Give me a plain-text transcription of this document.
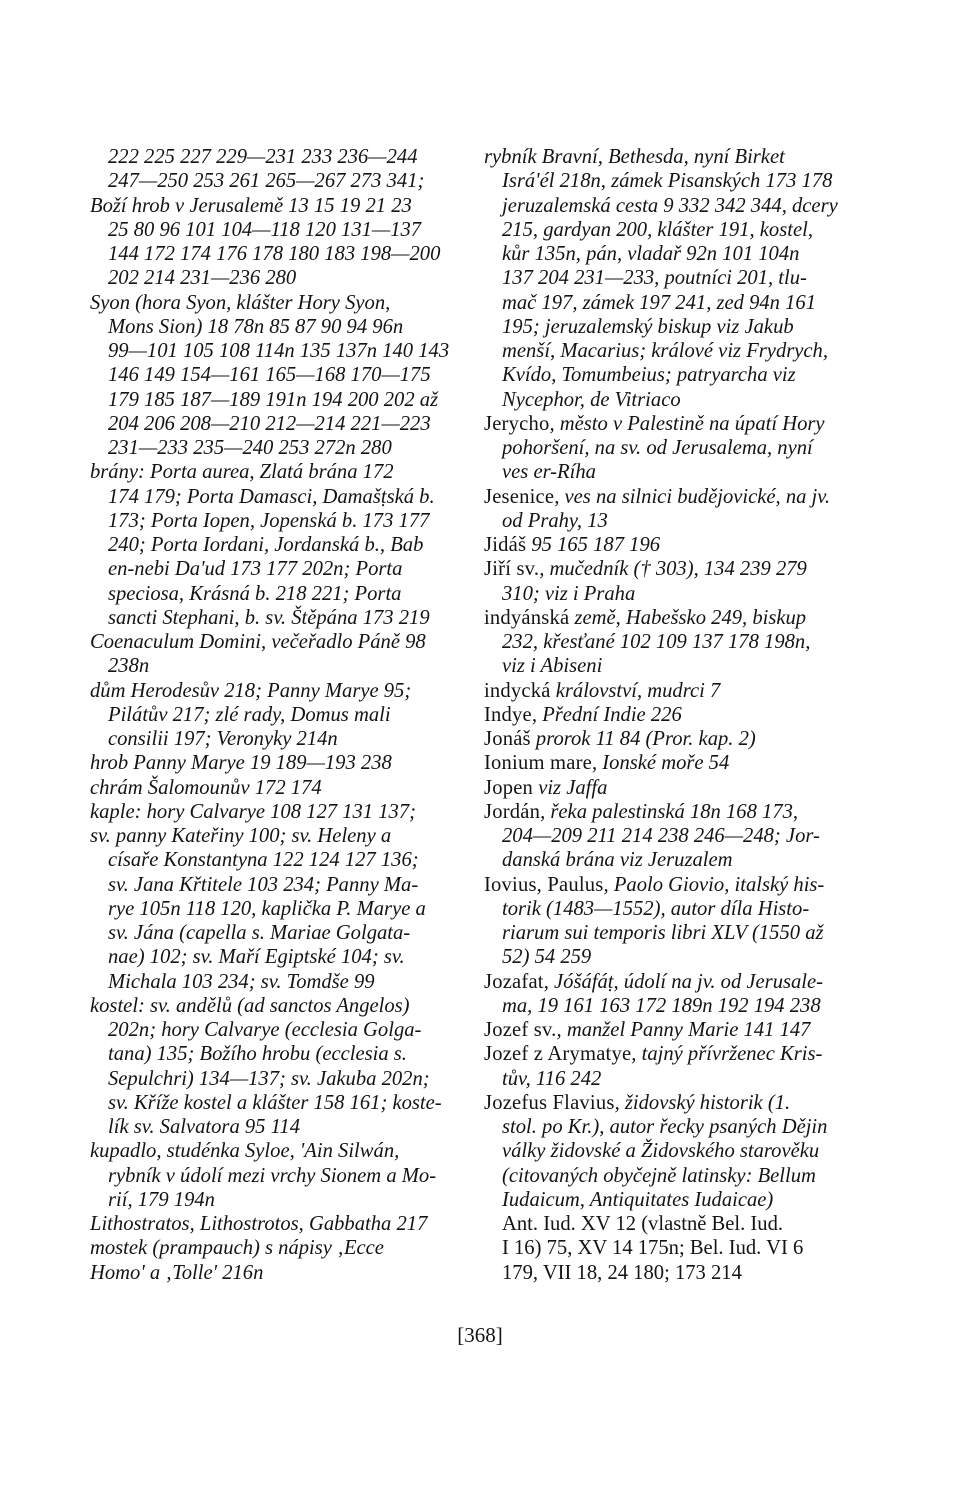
222 225 227 229—231 233 236—244
247—250 253 261 265—267 273 341;
Boží hrob v Jerusalemě 13 15 19 21 23
25 80 96 101 104—118 120 131—137
144 172 174 176 178 180 183 198—200
202 214 231—236 280
Syon (hora Syon, klášter Hory Syon,
Mons Sion) 18 78n 85 87 90 94 96n
99—101 105 108 114n 135 137n 140 143
146 149 154—161 165—168 170—175
179 185 187—189 191n 194 200 202 až
204 206 208—210 212—214 221—223
231—233 235—240 253 272n 280
brány: Porta aurea, Zlatá brána 172
174 179; Porta Damasci, Damašṭská b.
173; Porta Iopen, Jopenská b. 173 177
240; Porta Iordani, Jordanská b., Bab
en-nebi Da'ud 173 177 202n; Porta
speciosa, Krásná b. 218 221; Porta
sancti Stephani, b. sv. Štěpána 173 219
Coenaculum Domini, večeřadlo Páně 98
238n
dům Herodesův 218; Panny Marye 95;
Pilátův 217; zlé rady, Domus mali
consilii 197; Veronyky 214n
hrob Panny Marye 19 189—193 238
chrám Šalomounův 172 174
kaple: hory Calvarye 108 127 131 137;
sv. panny Kateřiny 100; sv. Heleny a
císaře Konstantyna 122 124 127 136;
sv. Jana Křtitele 103 234; Panny Ma-
rye 105n 118 120, kaplička P. Marye a
sv. Jána (capella s. Mariae Golgata-
nae) 102; sv. Maří Egiptské 104; sv.
Michala 103 234; sv. Tomdše 99
kostel: sv. andělů (ad sanctos Angelos)
202n; hory Calvarye (ecclesia Golga-
tana) 135; Božího hrobu (ecclesia s.
Sepulchri) 134—137; sv. Jakuba 202n;
sv. Kříže kostel a klášter 158 161; koste-
lík sv. Salvatora 95 114
kupadlo, studénka Syloe, 'Ain Silwán,
rybník v údolí mezi vrchy Sionem a Mo-
rií, 179 194n
Lithostratos, Lithostrotos, Gabbatha 217
mostek (prampauch) s nápisy ‚Ecce
Homo' a ‚Tolle' 216n
rybník Bravní, Bethesda, nyní Birket
Isrá'él 218n, zámek Pisanských 173 178
jeruzalemská cesta 9 332 342 344, dcery
215, gardyan 200, klášter 191, kostel,
kůr 135n, pán, vladař 92n 101 104n
137 204 231—233, poutníci 201, tlu-
mač 197, zámek 197 241, zed 94n 161
195; jeruzalemský biskup viz Jakub
menší, Macarius; králové viz Frydrych,
Kvído, Tomumbeius; patryarcha viz
Nycephor, de Vitriaco
Jerycho, město v Palestině na úpatí Hory
pohoršení, na sv. od Jerusalema, nyní
ves er-Ríha
Jesenice, ves na silnici budějovické, na jv.
od Prahy, 13
Jidáš 95 165 187 196
Jiří sv., mučedník († 303), 134 239 279
310; viz i Praha
indyánská země, Habešsko 249, biskup
232, křesťané 102 109 137 178 198n,
viz i Abiseni
indycká království, mudrci 7
Indye, Přední Indie 226
Jonáš prorok 11 84 (Pror. kap. 2)
Ionium mare, Ionské moře 54
Jopen viz Jaffa
Jordán, řeka palestinská 18n 168 173,
204—209 211 214 238 246—248; Jor-
danská brána viz Jeruzalem
Iovius, Paulus, Paolo Giovio, italský his-
torik (1483—1552), autor díla Histo-
riarum sui temporis libri XLV (1550 až
52) 54 259
Jozafat, Jóšáfáṭ, údolí na jv. od Jerusale-
ma, 19 161 163 172 189n 192 194 238
Jozef sv., manžel Panny Marie 141 147
Jozef z Arymatye, tajný přívrženec Kris-
tův, 116 242
Jozefus Flavius, židovský historik (1.
stol. po Kr.), autor řecky psaných Dějin
války židovské a Židovského starověku
(citovaných obyčejně latinsky: Bellum
Iudaicum, Antiquitates Iudaicae)
Ant. Iud. XV 12 (vlastně Bel. Iud.
I 16) 75, XV 14 175n; Bel. Iud. VI 6
179, VII 18, 24 180; 173 214
[368]
